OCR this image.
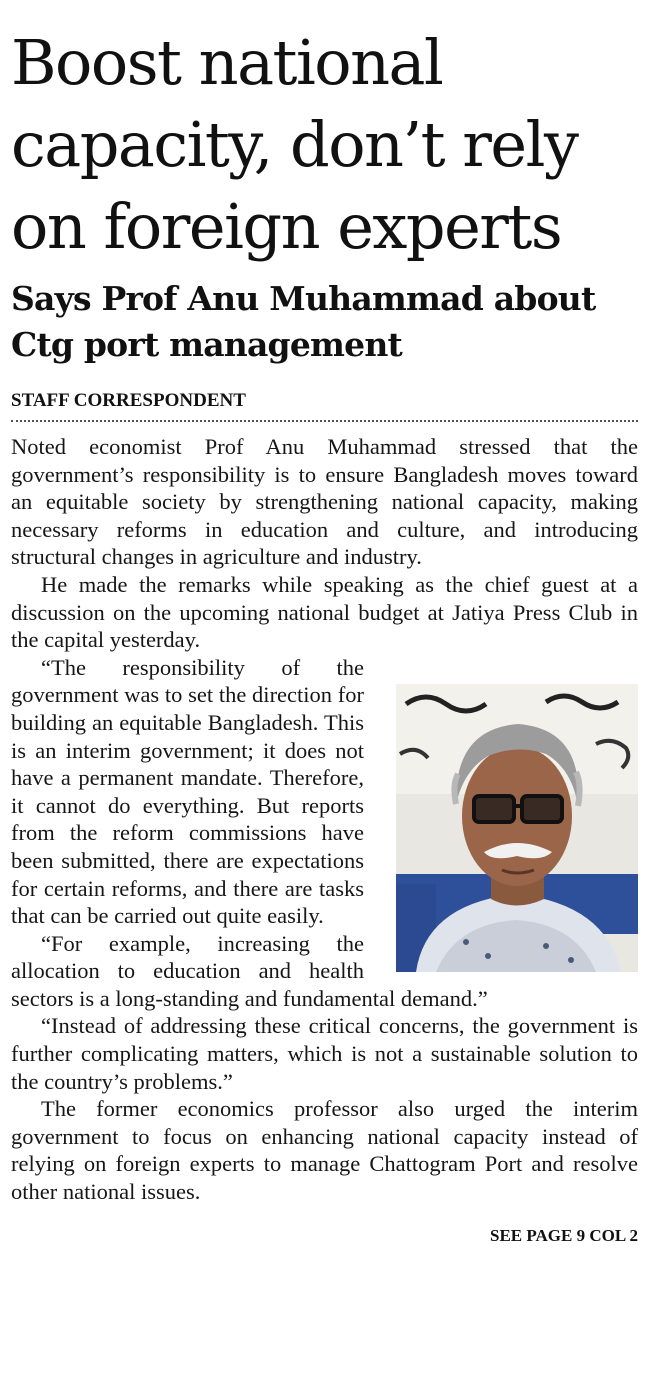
Boost national capacity, don’t rely on foreign experts
Says Prof Anu Muhammad about Ctg port management
STAFF CORRESPONDENT

Noted economist Prof Anu Muhammad stressed that the government’s responsibility is to ensure Bangladesh moves toward an equitable society by strengthening national capacity, making necessary reforms in education and culture, and introducing structural changes in agriculture and industry.

He made the remarks while speaking as the chief guest at a discussion on the upcoming national budget at Jatiya Press Club in the capital yesterday.

“The responsibility of the government was to set the direction for building an equitable Bangladesh. This is an interim government; it does not have a permanent mandate. Therefore, it cannot do everything. But reports from the reform commissions have been submitted, there are expectations for certain reforms, and there are tasks that can be carried out quite easily.

“For example, increasing the allocation to education and health sectors is a long-standing and fundamental demand.”

“Instead of addressing these critical concerns, the government is further complicating matters, which is not a sustainable solution to the country’s problems.”

The former economics professor also urged the interim government to focus on enhancing national capacity instead of relying on foreign experts to manage Chattogram Port and resolve other national issues.

SEE PAGE 9 COL 2
